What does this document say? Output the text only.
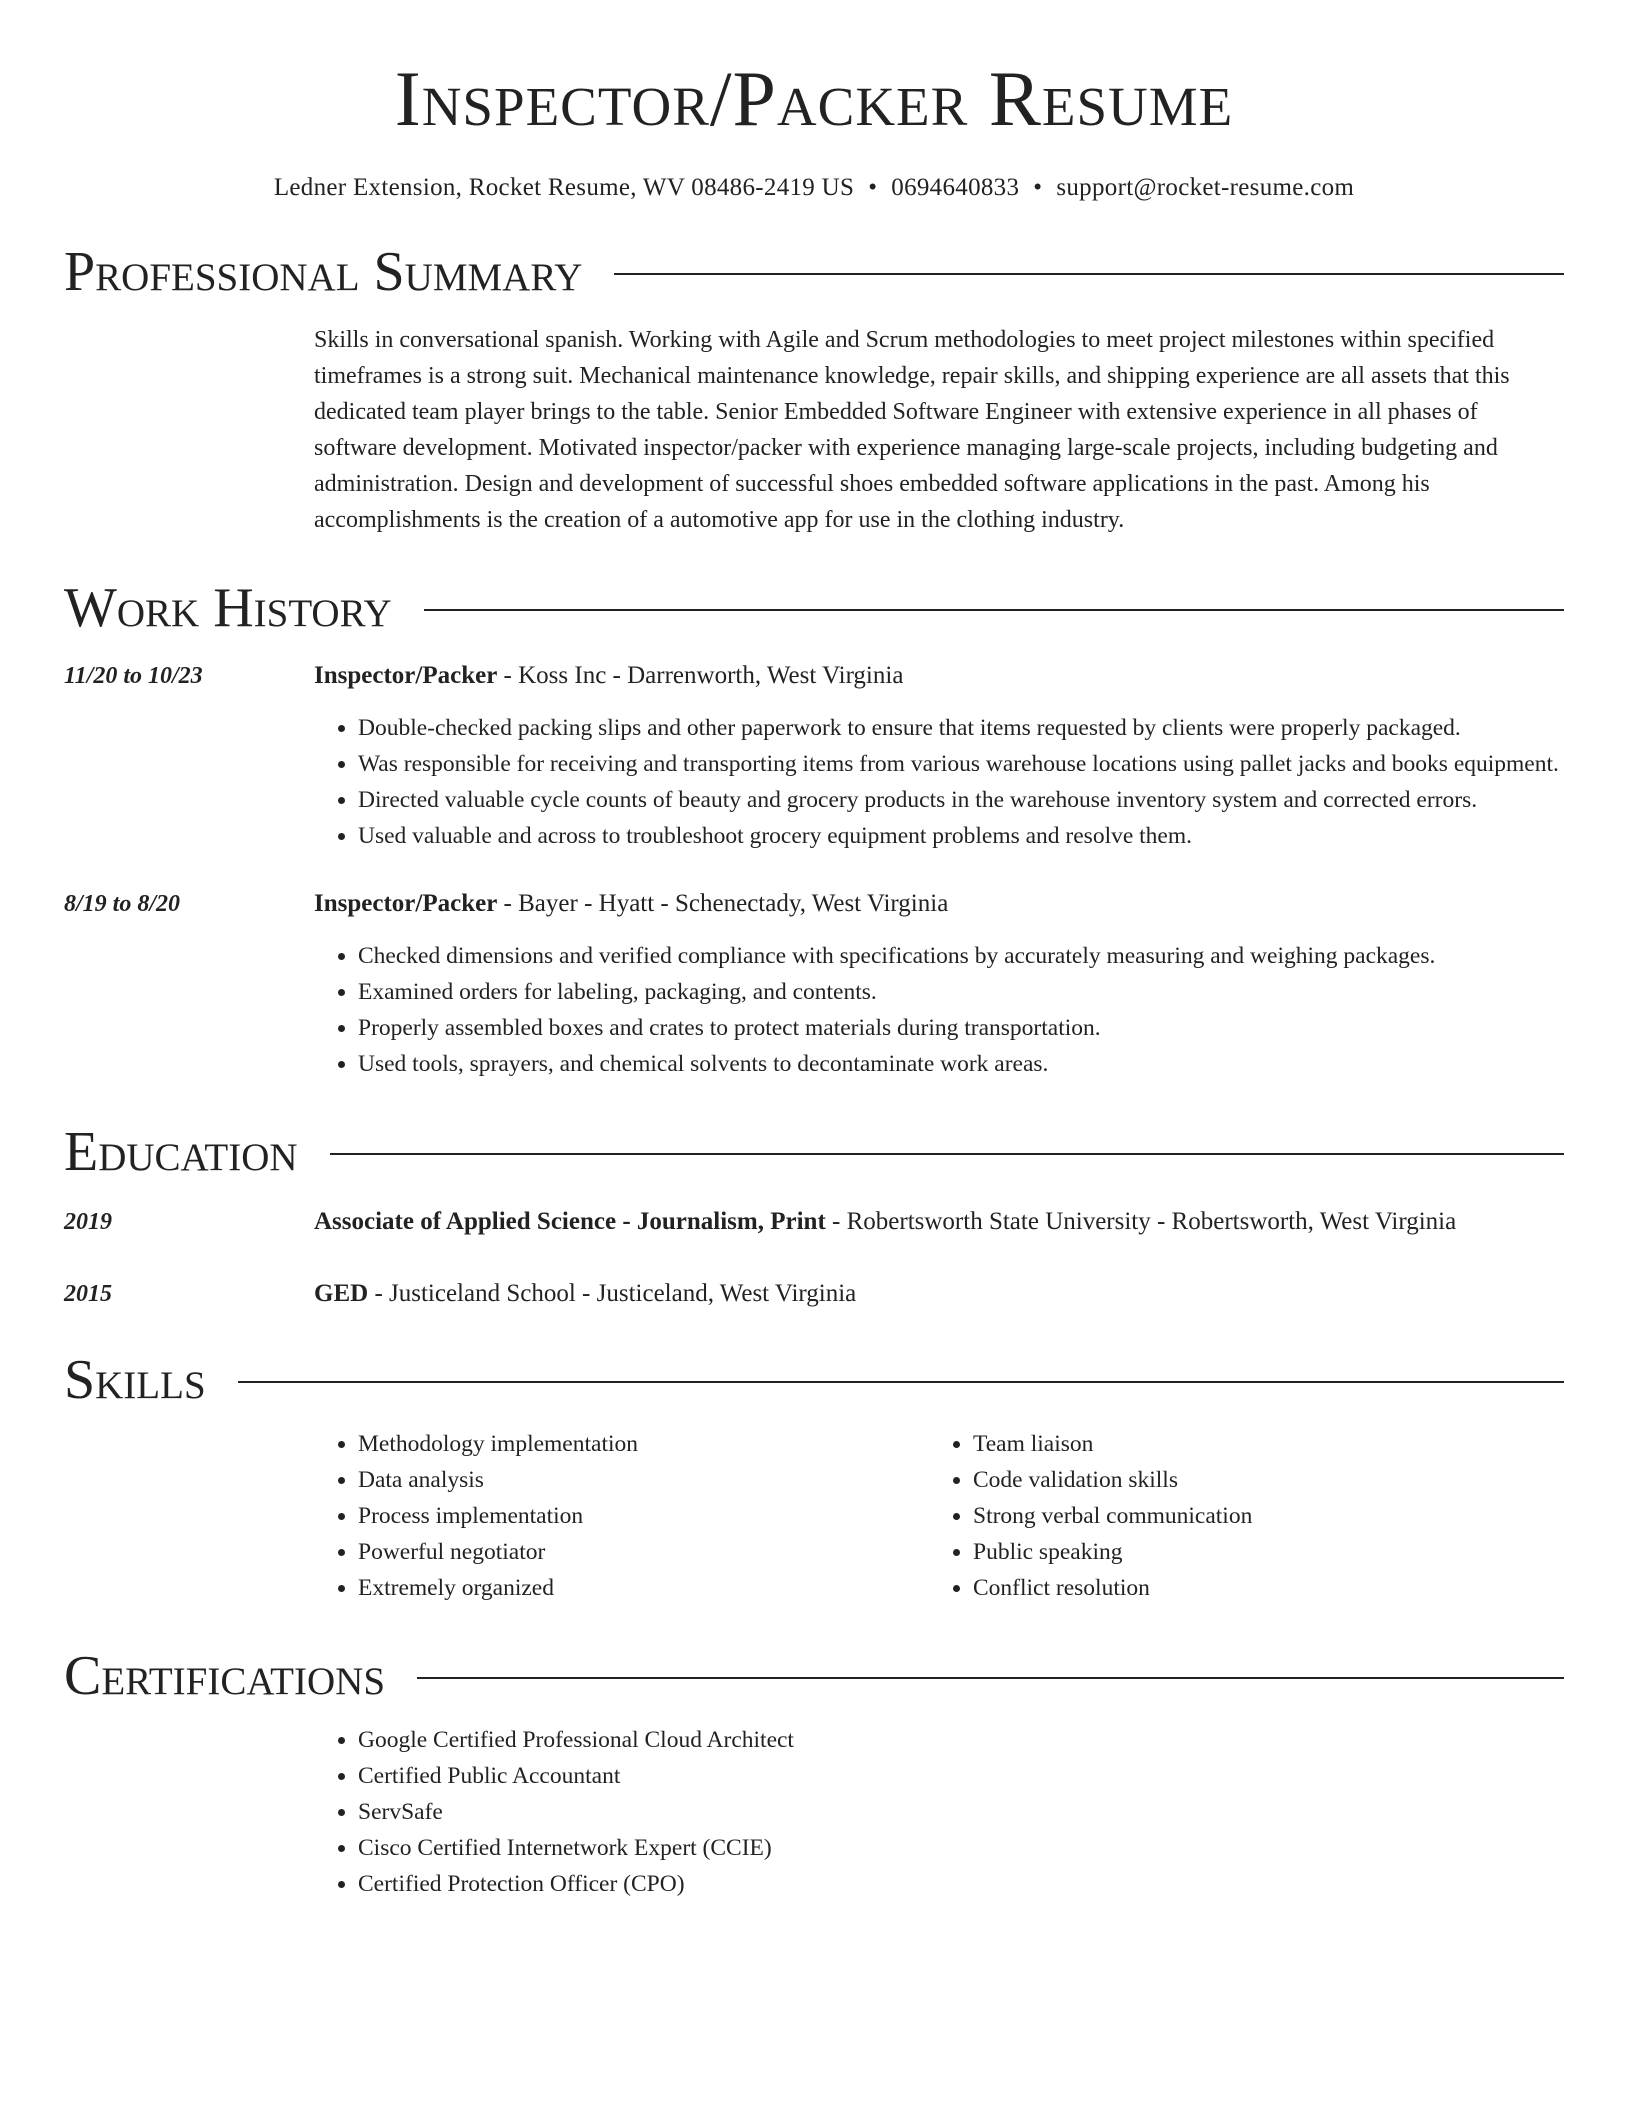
Inspector/Packer Resume
Ledner Extension, Rocket Resume, WV 08486-2419 US • 0694640833 • support@rocket-resume.com
Professional Summary
Skills in conversational spanish. Working with Agile and Scrum methodologies to meet project milestones within specified timeframes is a strong suit. Mechanical maintenance knowledge, repair skills, and shipping experience are all assets that this dedicated team player brings to the table. Senior Embedded Software Engineer with extensive experience in all phases of software development. Motivated inspector/packer with experience managing large-scale projects, including budgeting and administration. Design and development of successful shoes embedded software applications in the past. Among his accomplishments is the creation of a automotive app for use in the clothing industry.
Work History
11/20 to 10/23	Inspector/Packer - Koss Inc - Darrenworth, West Virginia
• Double-checked packing slips and other paperwork to ensure that items requested by clients were properly packaged.
• Was responsible for receiving and transporting items from various warehouse locations using pallet jacks and books equipment.
• Directed valuable cycle counts of beauty and grocery products in the warehouse inventory system and corrected errors.
• Used valuable and across to troubleshoot grocery equipment problems and resolve them.
8/19 to 8/20	Inspector/Packer - Bayer - Hyatt - Schenectady, West Virginia
• Checked dimensions and verified compliance with specifications by accurately measuring and weighing packages.
• Examined orders for labeling, packaging, and contents.
• Properly assembled boxes and crates to protect materials during transportation.
• Used tools, sprayers, and chemical solvents to decontaminate work areas.
Education
2019	Associate of Applied Science - Journalism, Print - Robertsworth State University - Robertsworth, West Virginia
2015	GED - Justiceland School - Justiceland, West Virginia
Skills
• Methodology implementation
• Data analysis
• Process implementation
• Powerful negotiator
• Extremely organized
• Team liaison
• Code validation skills
• Strong verbal communication
• Public speaking
• Conflict resolution
Certifications
• Google Certified Professional Cloud Architect
• Certified Public Accountant
• ServSafe
• Cisco Certified Internetwork Expert (CCIE)
• Certified Protection Officer (CPO)
